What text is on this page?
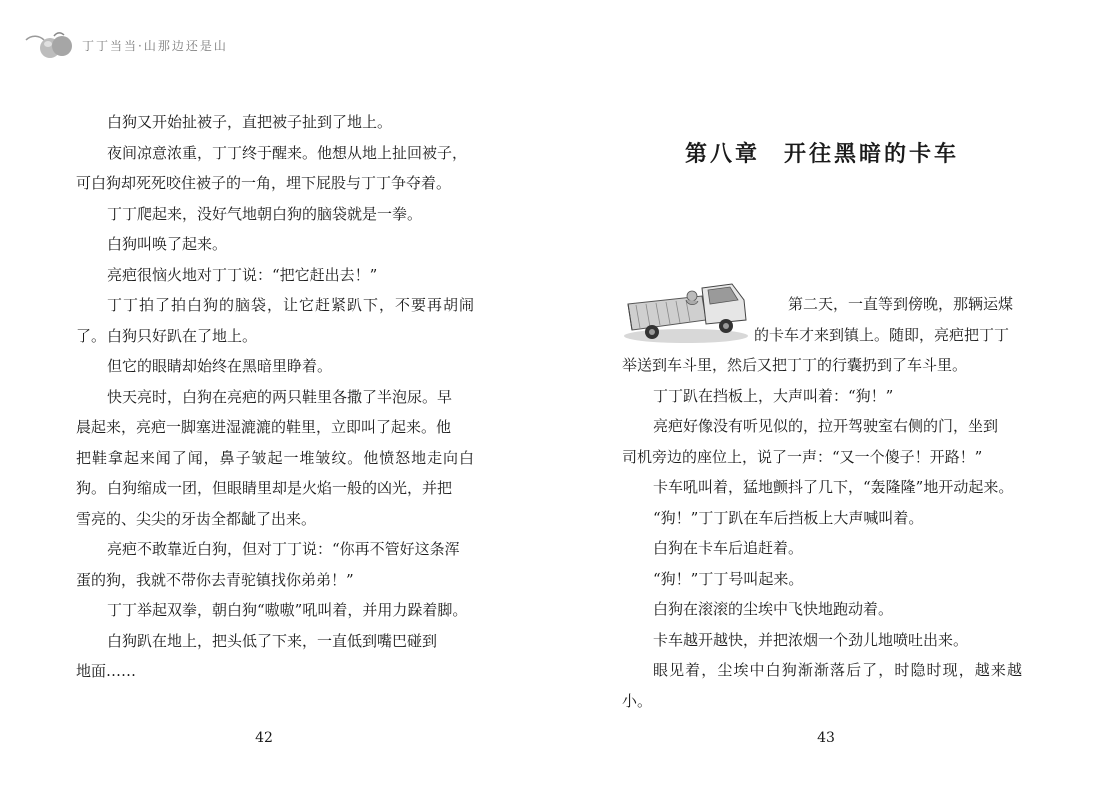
丁丁当当·山那边还是山

白狗又开始扯被子，直把被子扯到了地上。

夜间凉意浓重，丁丁终于醒来。他想从地上扯回被子，

可白狗却死死咬住被子的一角，埋下屁股与丁丁争夺着。

丁丁爬起来，没好气地朝白狗的脑袋就是一拳。

白狗叫唤了起来。

亮疤很恼火地对丁丁说：“把它赶出去！”

丁丁拍了拍白狗的脑袋，让它赶紧趴下，不要再胡闹了。 白狗只好趴在了地上。

但它的眼睛却始终在黑暗里睁着。

快天亮时，白狗在亮疤的两只鞋里各撒了半泡尿。早

晨起来，亮疤一脚塞进湿漉漉的鞋里，立即叫了起来。他

把鞋拿起来闻了闻，鼻子皱起一堆皱纹。他愤怒地走向白狗。 白狗缩成一团，但眼睛里却是火焰一般的凶光，并把

雪亮的、尖尖的牙齿全都龇了出来。

亮疤不敢靠近白狗，但对丁丁说：“你再不管好这条浑

蛋的狗，我就不带你去青驼镇找你弟弟！”

丁丁举起双拳，朝白狗“嗷嗷”吼叫着，并用力跺着脚。

白狗趴在地上，把头低了下来，一直低到嘴巴碰到

地面……

42
第八章 开往黑暗的卡车
第二天，一直等到傍晚，那辆运煤
的卡车才来到镇上。随即，亮疤把丁丁
举送到车斗里，然后又把丁丁的行囊扔到了车斗里。

丁丁趴在挡板上，大声叫着：“狗！”

亮疤好像没有听见似的，拉开驾驶室右侧的门，坐到

司机旁边的座位上，说了一声：“又一个傻子！开路！”

卡车吼叫着，猛地颤抖了几下，“轰隆隆”地开动起来。

“狗！”丁丁趴在车后挡板上大声喊叫着。

白狗在卡车后追赶着。

“狗！”丁丁号叫起来。

白狗在滚滚的尘埃中飞快地跑动着。

卡车越开越快，并把浓烟一个劲儿地喷吐出来。

眼见着，尘埃中白狗渐渐落后了，时隐时现，越来越小。

43
